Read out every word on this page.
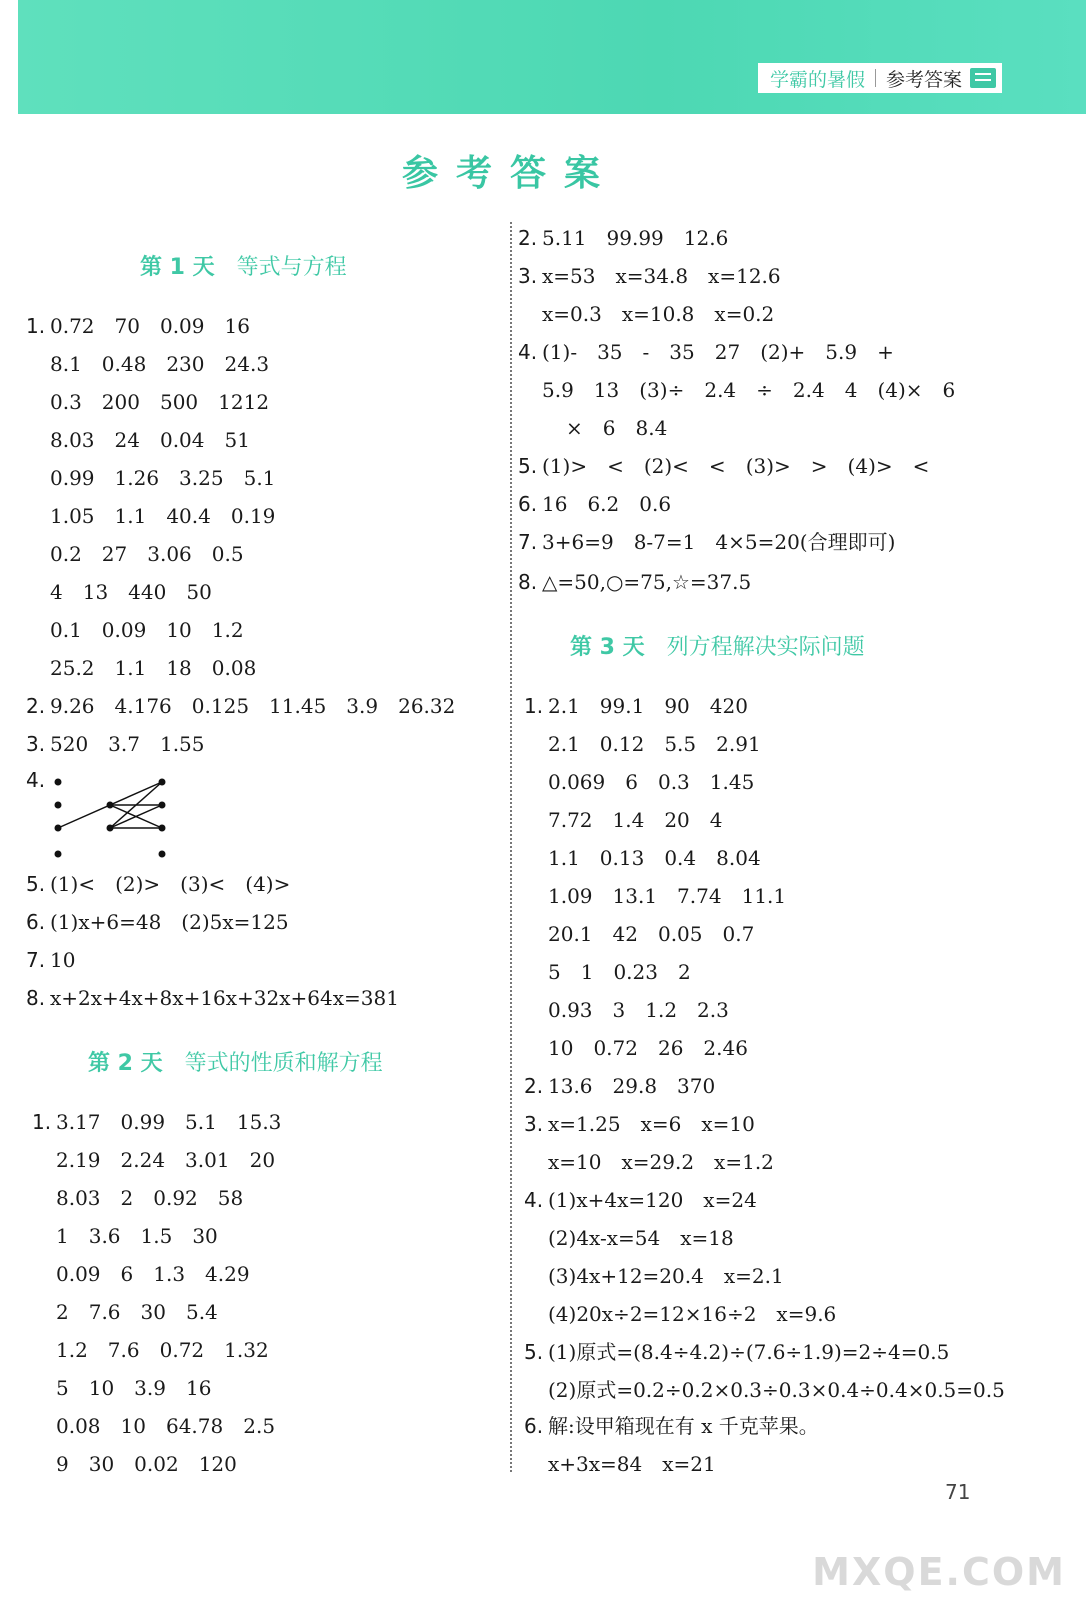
学霸的暑假 参考答案
参考答案
第 1 天 等式与方程
1. 0.72　70　0.09　16
8.1　0.48　230　24.3
0.3　200　500　1212
8.03　24　0.04　51
0.99　1.26　3.25　5.1
1.05　1.1　40.4　0.19
0.2　27　3.06　0.5
4　13　440　50
0.1　0.09　10　1.2
25.2　1.1　18　0.08
2. 9.26　4.176　0.125　11.45　3.9　26.32
3. 520　3.7　1.55
4.
5. (1)<　(2)>　(3)<　(4)>
6. (1)x+6=48　(2)5x=125
7. 10
8. x+2x+4x+8x+16x+32x+64x=381
第 2 天 等式的性质和解方程
1. 3.17　0.99　5.1　15.3
2.19　2.24　3.01　20
8.03　2　0.92　58
1　3.6　1.5　30
0.09　6　1.3　4.29
2　7.6　30　5.4
1.2　7.6　0.72　1.32
5　10　3.9　16
0.08　10　64.78　2.5
9　30　0.02　120
2. 5.11　99.99　12.6
3. x=53　x=34.8　x=12.6
x=0.3　x=10.8　x=0.2
4. (1)-　35　-　35　27　(2)+　5.9　+
5.9　13　(3)÷　2.4　÷　2.4　4　(4)×　6
×　6　8.4
5. (1)>　<　(2)<　<　(3)>　>　(4)>　<
6. 16　6.2　0.6
7. 3+6=9　8-7=1　4×5=20(合理即可)
8. △=50,○=75,☆=37.5
第 3 天 列方程解决实际问题
1. 2.1　99.1　90　420
2.1　0.12　5.5　2.91
0.069　6　0.3　1.45
7.72　1.4　20　4
1.1　0.13　0.4　8.04
1.09　13.1　7.74　11.1
20.1　42　0.05　0.7
5　1　0.23　2
0.93　3　1.2　2.3
10　0.72　26　2.46
2. 13.6　29.8　370
3. x=1.25　x=6　x=10
x=10　x=29.2　x=1.2
4. (1)x+4x=120　x=24
(2)4x-x=54　x=18
(3)4x+12=20.4　x=2.1
(4)20x÷2=12×16÷2　x=9.6
5. (1)原式=(8.4÷4.2)÷(7.6÷1.9)=2÷4=0.5
(2)原式=0.2÷0.2×0.3÷0.3×0.4÷0.4×0.5=0.5
6. 解:设甲箱现在有 x 千克苹果。
x+3x=84　x=21
71
MXQE.COM
